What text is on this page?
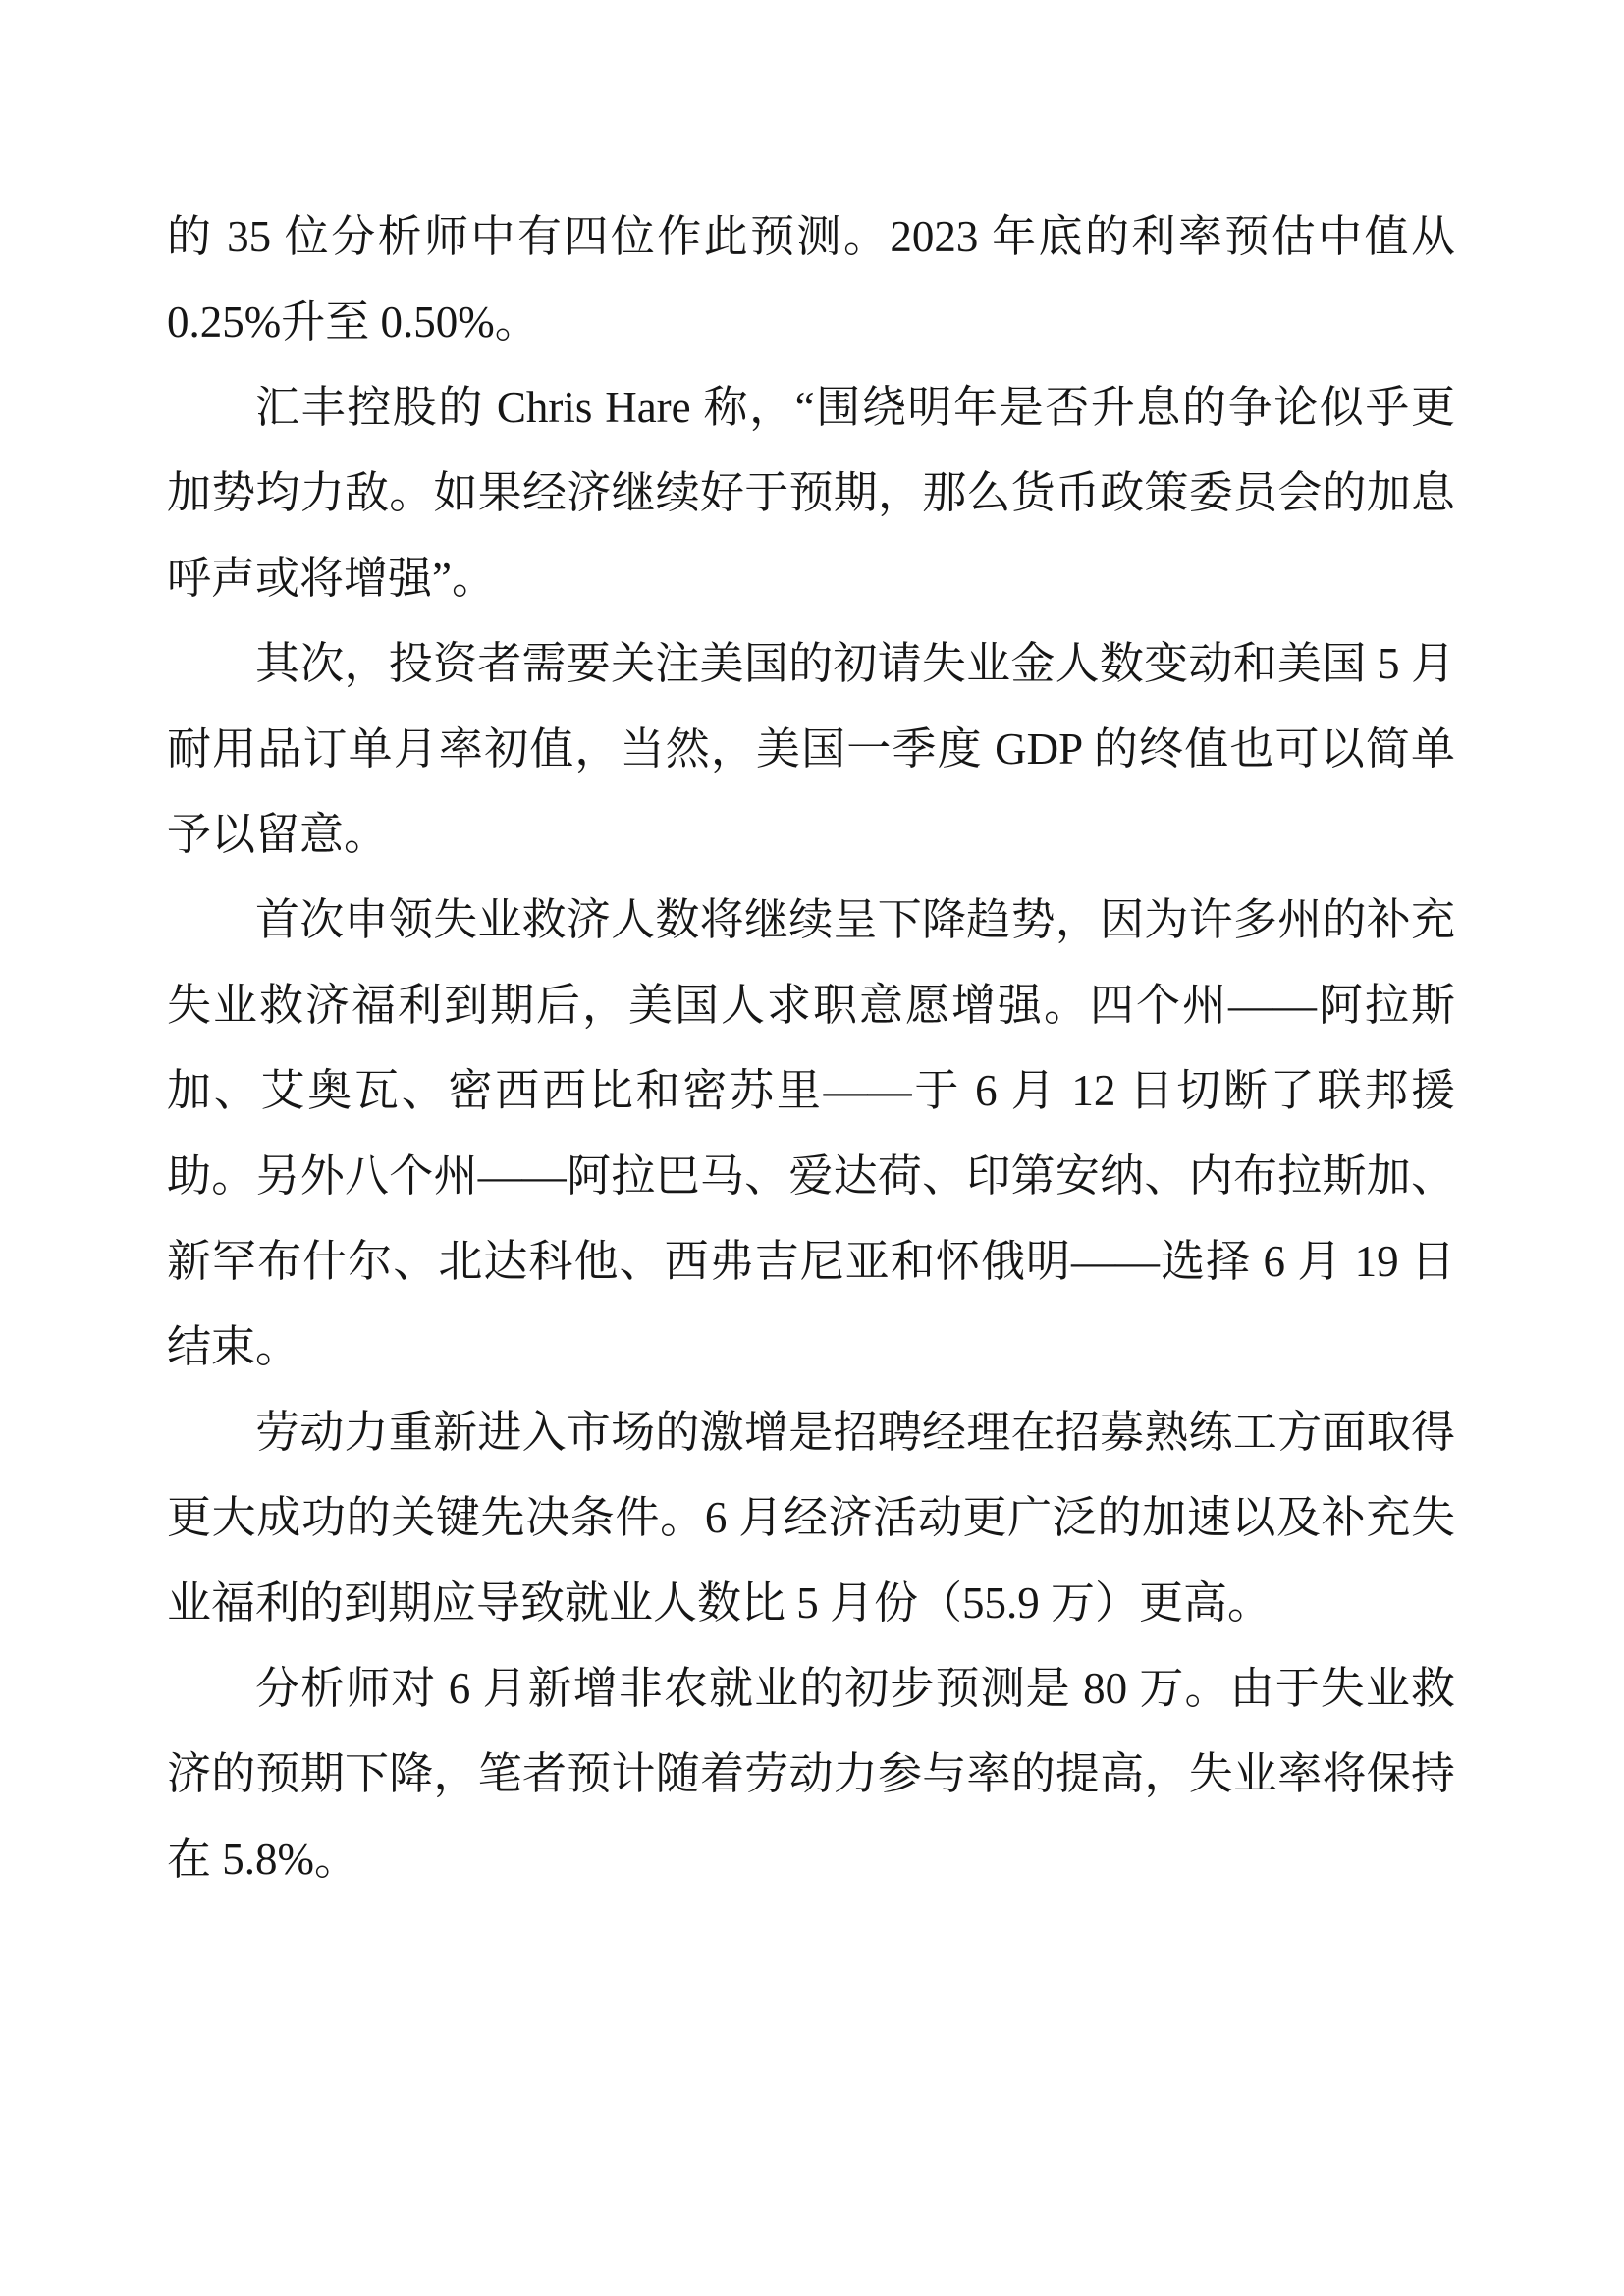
的 35 位分析师中有四位作此预测。2023 年底的利率预估中值从 0.25%升至 0.50%。

汇丰控股的 Chris Hare 称，“围绕明年是否升息的争论似乎更加势均力敌。如果经济继续好于预期，那么货币政策委员会的加息呼声或将增强”。

其次，投资者需要关注美国的初请失业金人数变动和美国 5 月耐用品订单月率初值，当然，美国一季度 GDP 的终值也可以简单予以留意。

首次申领失业救济人数将继续呈下降趋势，因为许多州的补充失业救济福利到期后，美国人求职意愿增强。四个州——阿拉斯加、艾奥瓦、密西西比和密苏里——于 6 月 12 日切断了联邦援助。另外八个州——阿拉巴马、爱达荷、印第安纳、内布拉斯加、新罕布什尔、北达科他、西弗吉尼亚和怀俄明——选择 6 月 19 日结束。

劳动力重新进入市场的激增是招聘经理在招募熟练工方面取得更大成功的关键先决条件。6 月经济活动更广泛的加速以及补充失业福利的到期应导致就业人数比 5 月份（55.9 万）更高。

分析师对 6 月新增非农就业的初步预测是 80 万。由于失业救济的预期下降，笔者预计随着劳动力参与率的提高，失业率将保持在 5.8%。
